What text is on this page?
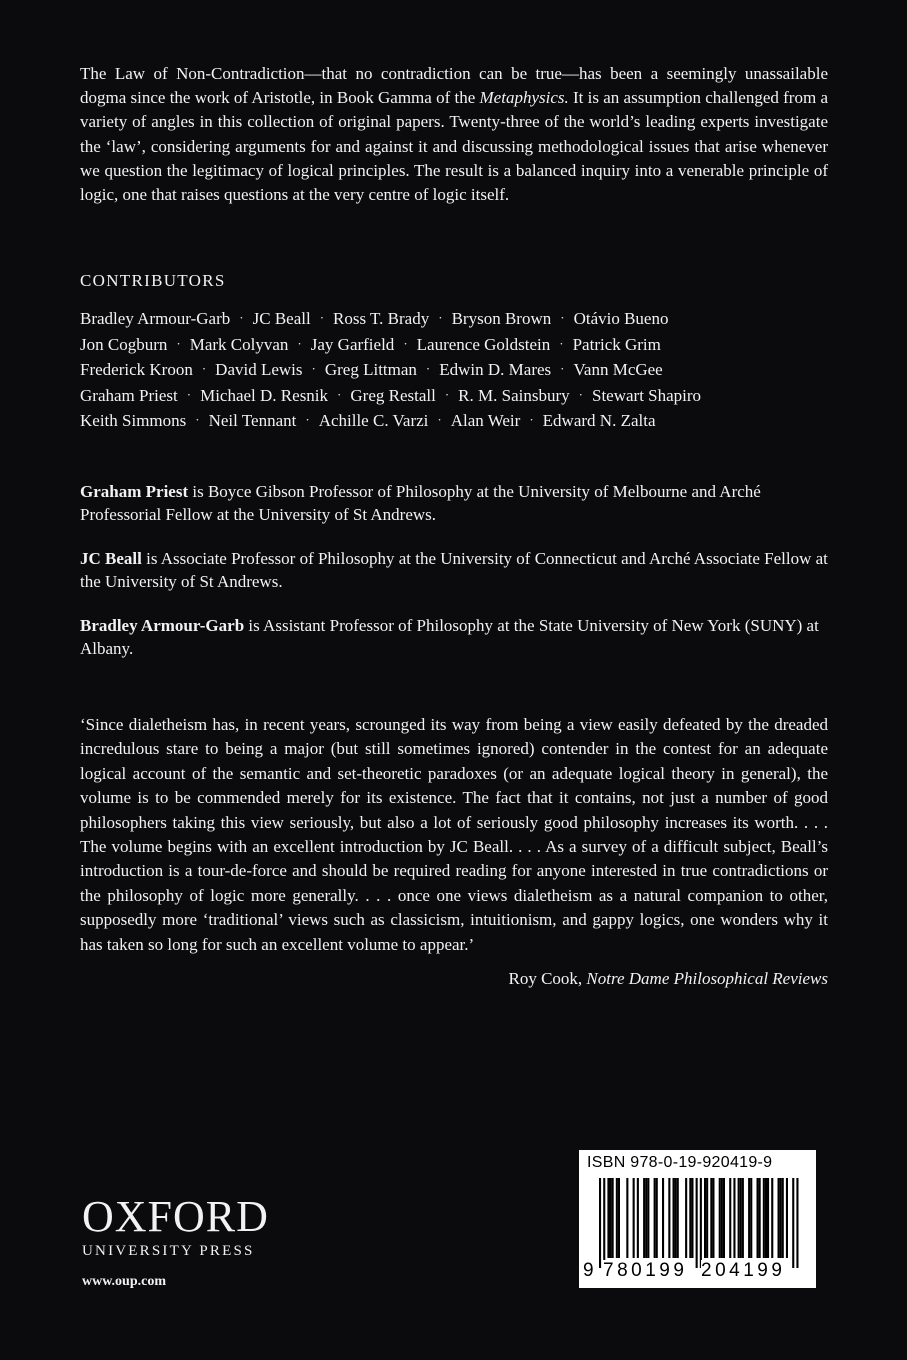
The Law of Non-Contradiction—that no contradiction can be true—has been a seemingly unassailable dogma since the work of Aristotle, in Book Gamma of the Metaphysics. It is an assumption challenged from a variety of angles in this collection of original papers. Twenty-three of the world’s leading experts investigate the ‘law’, considering arguments for and against it and discussing methodological issues that arise whenever we question the legitimacy of logical principles. The result is a balanced inquiry into a venerable principle of logic, one that raises questions at the very centre of logic itself.
CONTRIBUTORS
Bradley Armour-Garb · JC Beall · Ross T. Brady · Bryson Brown · Otávio Bueno
Jon Cogburn · Mark Colyvan · Jay Garfield · Laurence Goldstein · Patrick Grim
Frederick Kroon · David Lewis · Greg Littman · Edwin D. Mares · Vann McGee
Graham Priest · Michael D. Resnik · Greg Restall · R. M. Sainsbury · Stewart Shapiro
Keith Simmons · Neil Tennant · Achille C. Varzi · Alan Weir · Edward N. Zalta
Graham Priest is Boyce Gibson Professor of Philosophy at the University of Melbourne and Arché Professorial Fellow at the University of St Andrews.
JC Beall is Associate Professor of Philosophy at the University of Connecticut and Arché Associate Fellow at the University of St Andrews.
Bradley Armour-Garb is Assistant Professor of Philosophy at the State University of New York (SUNY) at Albany.
‘Since dialetheism has, in recent years, scrounged its way from being a view easily defeated by the dreaded incredulous stare to being a major (but still sometimes ignored) contender in the contest for an adequate logical account of the semantic and set-theoretic paradoxes (or an adequate logical theory in general), the volume is to be commended merely for its existence. The fact that it contains, not just a number of good philosophers taking this view seriously, but also a lot of seriously good philosophy increases its worth. . . . The volume begins with an excellent introduction by JC Beall. . . . As a survey of a difficult subject, Beall’s introduction is a tour-de-force and should be required reading for anyone interested in true contradictions or the philosophy of logic more generally. . . . once one views dialetheism as a natural companion to other, supposedly more ‘traditional’ views such as classicism, intuitionism, and gappy logics, one wonders why it has taken so long for such an excellent volume to appear.’
Roy Cook, Notre Dame Philosophical Reviews
OXFORD
UNIVERSITY PRESS
www.oup.com
ISBN 978-0-19-920419-9
9 780199 204199
